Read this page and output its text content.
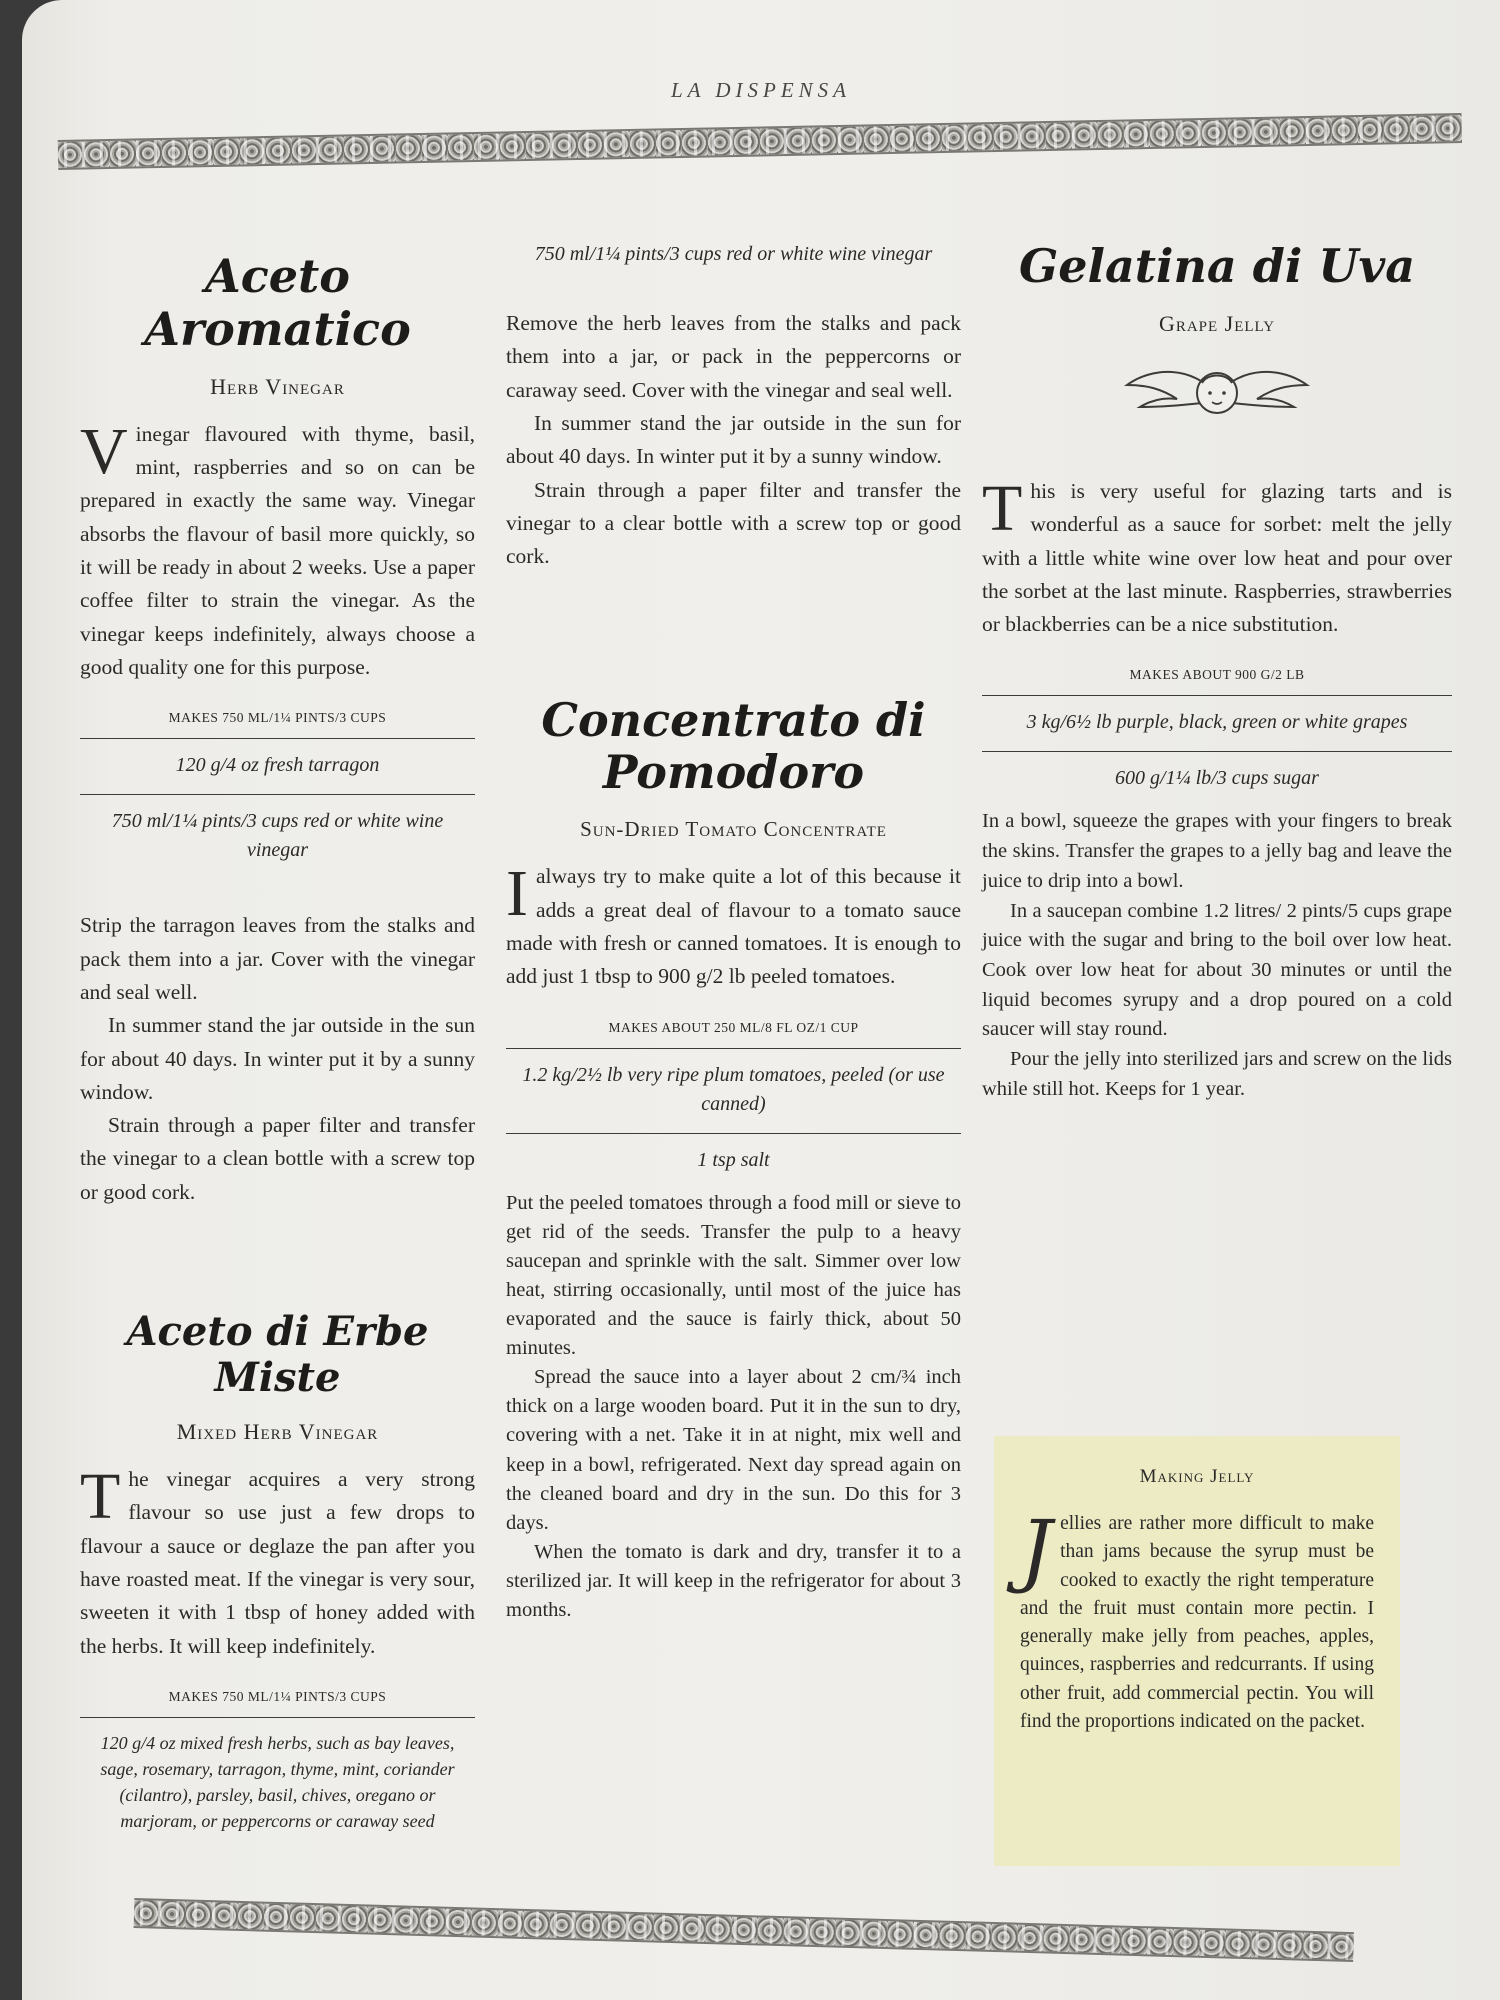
LA DISPENSA
Aceto Aromatico
Herb Vinegar

Vinegar flavoured with thyme, basil, mint, raspberries and so on can be prepared in exactly the same way. Vinegar absorbs the flavour of basil more quickly, so it will be ready in about 2 weeks. Use a paper coffee filter to strain the vinegar. As the vinegar keeps indefinitely, always choose a good quality one for this purpose.

MAKES 750 ML/1¼ PINTS/3 CUPS
120 g/4 oz fresh tarragon
750 ml/1¼ pints/3 cups red or white wine vinegar

Strip the tarragon leaves from the stalks and pack them into a jar. Cover with the vinegar and seal well.

In summer stand the jar outside in the sun for about 40 days. In winter put it by a sunny window.

Strain through a paper filter and transfer the vinegar to a clean bottle with a screw top or good cork.

Aceto di Erbe Miste
Mixed Herb Vinegar

The vinegar acquires a very strong flavour so use just a few drops to flavour a sauce or deglaze the pan after you have roasted meat. If the vinegar is very sour, sweeten it with 1 tbsp of honey added with the herbs. It will keep indefinitely.

MAKES 750 ML/1¼ PINTS/3 CUPS
120 g/4 oz mixed fresh herbs, such as bay leaves, sage, rosemary, tarragon, thyme, mint, coriander (cilantro), parsley, basil, chives, oregano or marjoram, or peppercorns or caraway seed
750 ml/1¼ pints/3 cups red or white wine vinegar

Remove the herb leaves from the stalks and pack them into a jar, or pack in the peppercorns or caraway seed. Cover with the vinegar and seal well.

In summer stand the jar outside in the sun for about 40 days. In winter put it by a sunny window.

Strain through a paper filter and transfer the vinegar to a clear bottle with a screw top or good cork.

Concentrato di
Pomodoro
Sun-Dried Tomato Concentrate

Ialways try to make quite a lot of this because it adds a great deal of flavour to a tomato sauce made with fresh or canned tomatoes. It is enough to add just 1 tbsp to 900 g/2 lb peeled tomatoes.

MAKES ABOUT 250 ML/8 FL OZ/1 CUP
1.2 kg/2½ lb very ripe plum tomatoes, peeled (or use canned)
1 tsp salt

Put the peeled tomatoes through a food mill or sieve to get rid of the seeds. Transfer the pulp to a heavy saucepan and sprinkle with the salt. Simmer over low heat, stirring occasionally, until most of the juice has evaporated and the sauce is fairly thick, about 50 minutes.

Spread the sauce into a layer about 2 cm/¾ inch thick on a large wooden board. Put it in the sun to dry, covering with a net. Take it in at night, mix well and keep in a bowl, refrigerated. Next day spread again on the cleaned board and dry in the sun. Do this for 3 days.

When the tomato is dark and dry, transfer it to a sterilized jar. It will keep in the refrigerator for about 3 months.

Gelatina di Uva
Grape Jelly

This is very useful for glazing tarts and is wonderful as a sauce for sorbet: melt the jelly with a little white wine over low heat and pour over the sorbet at the last minute. Raspberries, strawberries or blackberries can be a nice substitution.

MAKES ABOUT 900 G/2 LB
3 kg/6½ lb purple, black, green or white grapes
600 g/1¼ lb/3 cups sugar

In a bowl, squeeze the grapes with your fingers to break the skins. Transfer the grapes to a jelly bag and leave the juice to drip into a bowl.

In a saucepan combine 1.2 litres/ 2 pints/5 cups grape juice with the sugar and bring to the boil over low heat. Cook over low heat for about 30 minutes or until the liquid becomes syrupy and a drop poured on a cold saucer will stay round.

Pour the jelly into sterilized jars and screw on the lids while still hot. Keeps for 1 year.

Making Jelly

Jellies are rather more difficult to make than jams because the syrup must be cooked to exactly the right temperature and the fruit must contain more pectin. I generally make jelly from peaches, apples, quinces, raspberries and redcurrants. If using other fruit, add commercial pectin. You will find the proportions indicated on the packet.
